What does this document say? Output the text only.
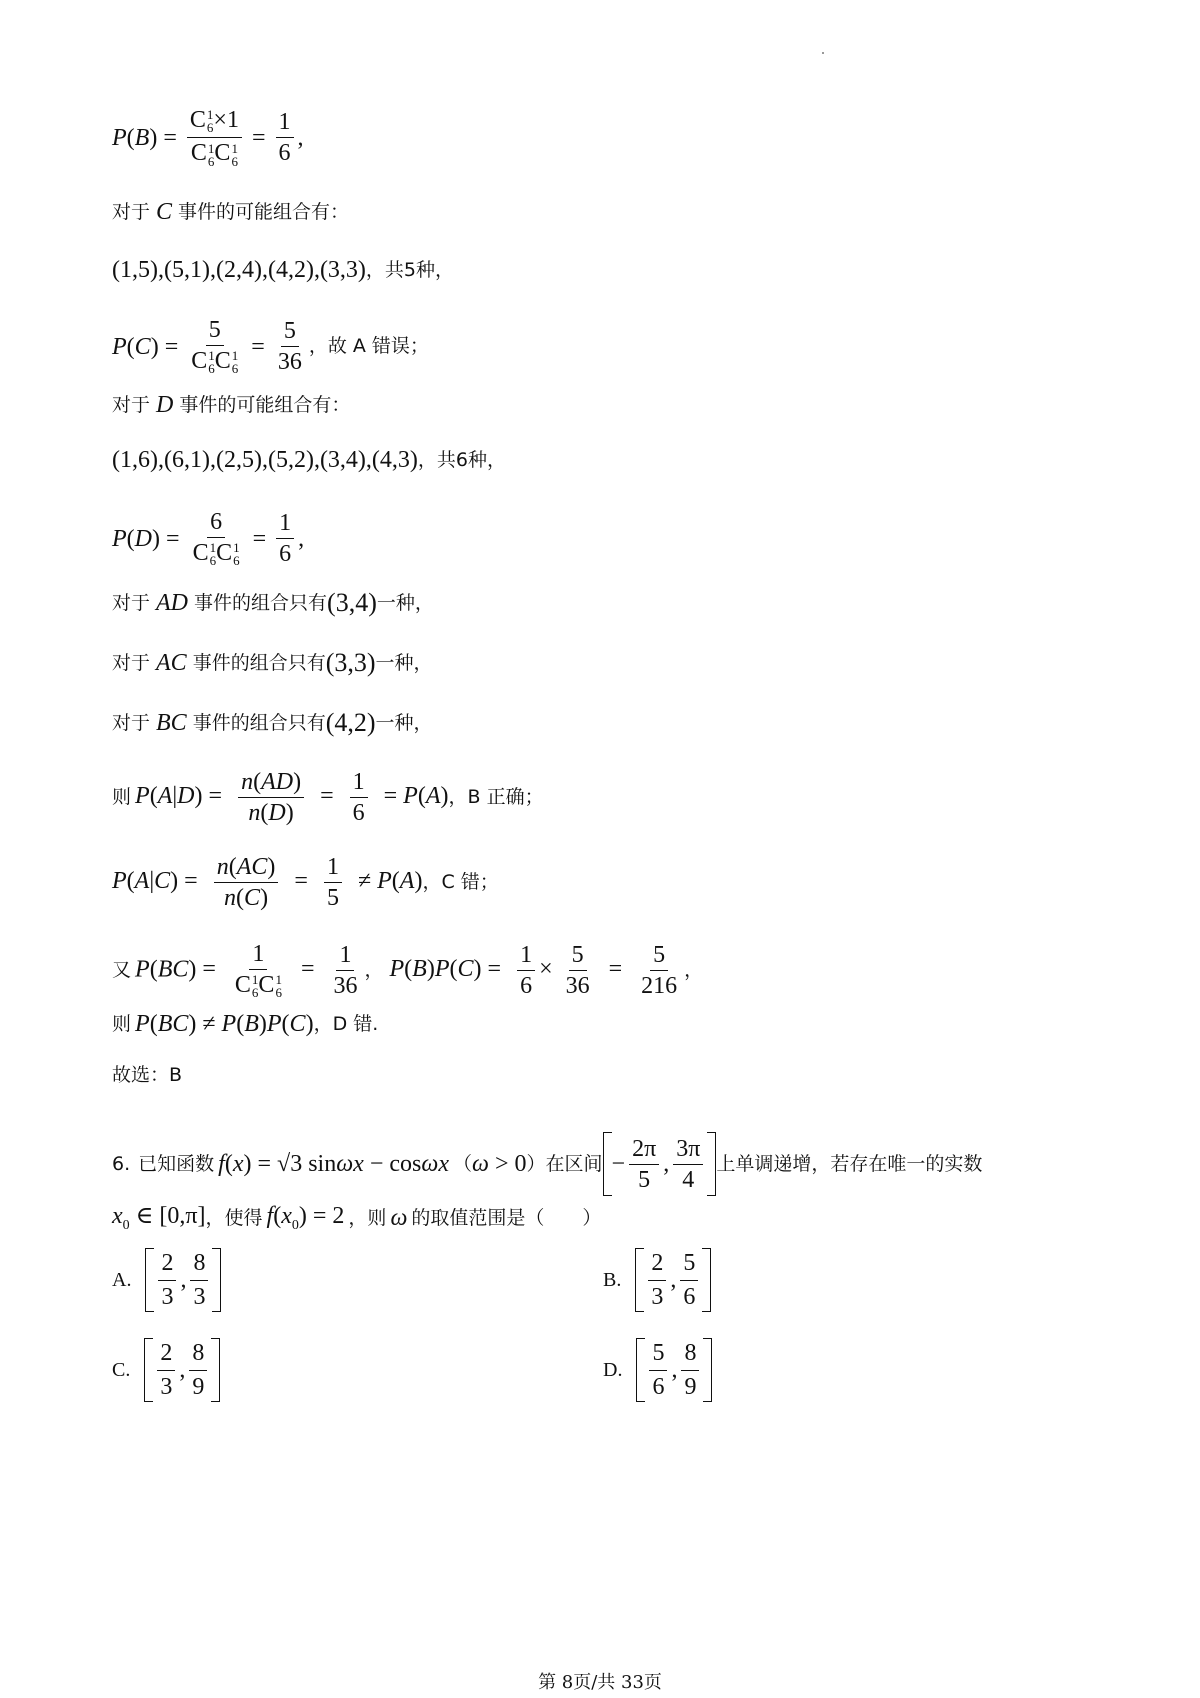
P ( B ) = C 1
6 ×1
C 1
6 C 1
$6 = \frac{1}{6}$ ,
对于 C 事件的可能组合有：
(1,5),(5,1),(2,4),(4,2),(3,3) ，共5种，
P ( C ) = 5
C 1
6 C 1
$6 = \frac{5}{36}$ ，故 A 错误；
对于 D 事件的可能组合有：
(1,6),(6,1),(2,5),(5,2),(3,4),(4,3) ，共6种，
P ( D ) = 6
C 1
6 C 1
$6 = \frac{1}{6}$ ,
对于 AD 事件的组合只有 (3,4) 一种，
对于 AC 事件的组合只有 (3,3) 一种，
对于 BC 事件的组合只有 (4,2) 一种，
则 $P(A|D) = \frac{n(AD)}{n(D)} = \frac{1}{6} = P(A)$ ，B 正确；
$P(A|C) = \frac{n(AC)}{n(C)} = \frac{1}{5} \ne P(A)$ ，C 错；
又 P(BC) = 1
C 1
6 C 1
$6 = \frac{1}{36}$ ， $P(B)P(C) = \frac{1}{6} \times \frac{5}{36} = \frac{5}{216}$ ，
则 P(BC) ≠ P(B)P(C) ，D 错.
故选：B
6. 已知函数 f(x) = √3 sinωx − cosωx （ ω > 0 ） 在区间 − $\frac{2\pi}{5}$ , $\frac{3\pi}{4}$ 上单调递增，若存在唯一的实数
$x_0$ ∈ [0,π] ，使得 $f(x_0) = 2$ ，则 ω 的取值范围是（　　）
A. $\frac{2}{3}$ , $\frac{8}{3}$	B. $\frac{2}{3}$ , $\frac{5}{6}$
C. $\frac{2}{3}$ , $\frac{8}{9}$	D. $\frac{5}{6}$ , $\frac{8}{9}$
第 8页/共 33页
